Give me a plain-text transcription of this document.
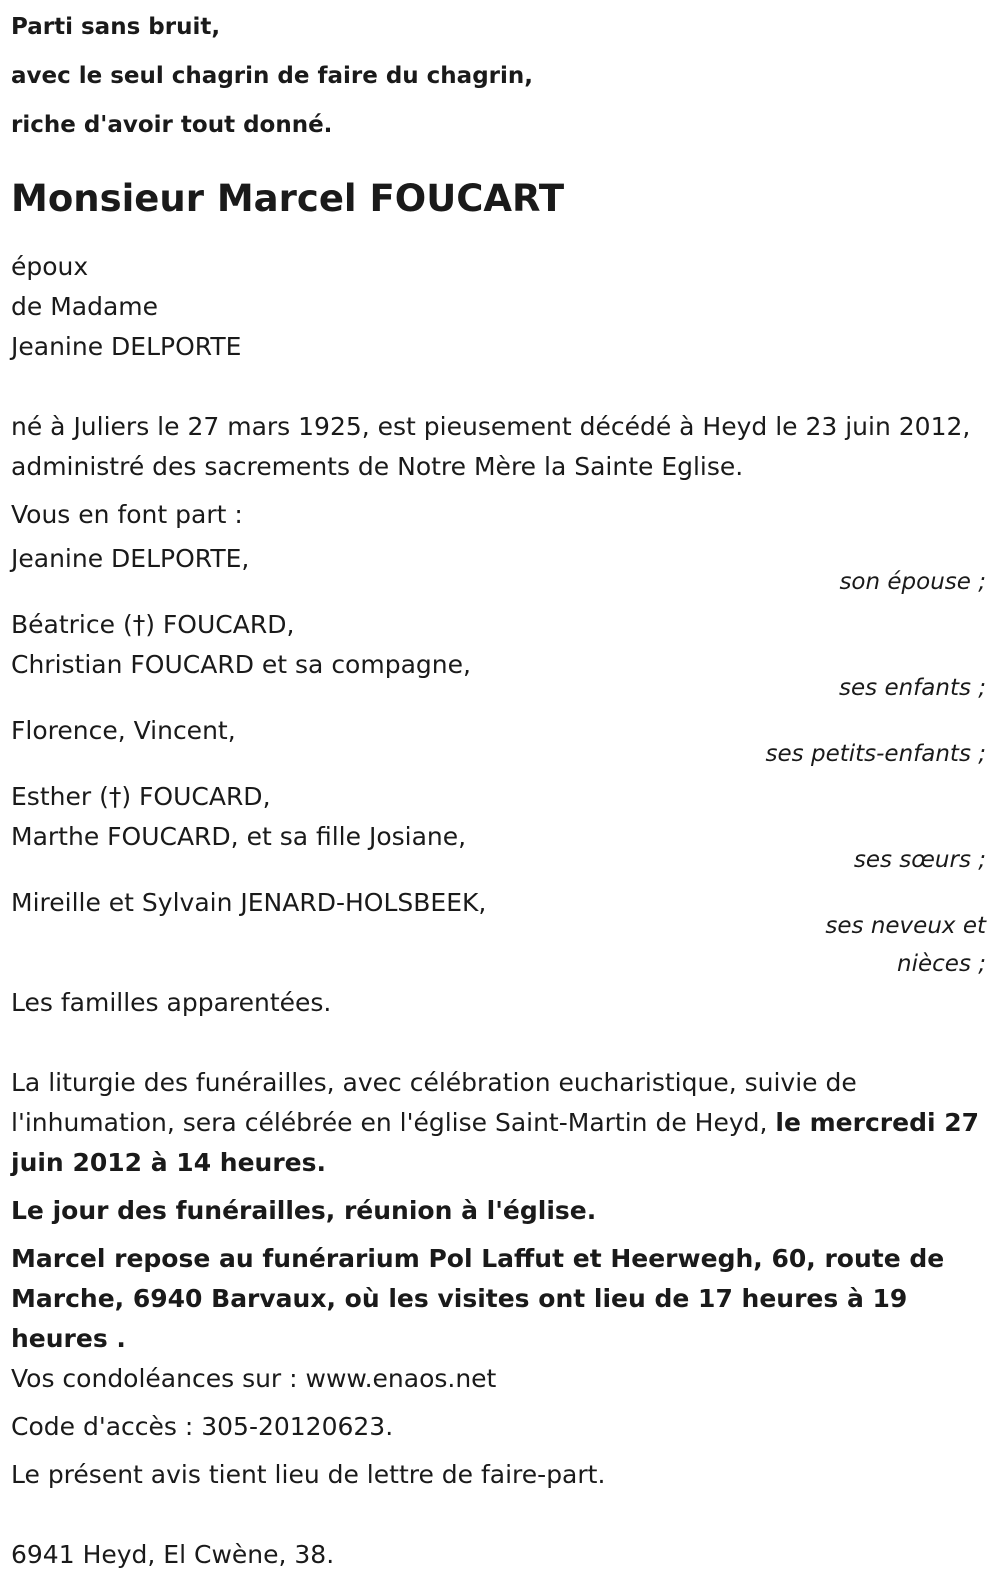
Parti sans bruit,
avec le seul chagrin de faire du chagrin,
riche d'avoir tout donné.
Monsieur Marcel FOUCART
époux
de Madame
Jeanine DELPORTE
né à Juliers le 27 mars 1925, est pieusement décédé à Heyd le 23 juin 2012, administré des sacrements de Notre Mère la Sainte Eglise.
Vous en font part :
Jeanine DELPORTE,
son épouse ;
Béatrice (†) FOUCARD,
Christian FOUCARD et sa compagne,
ses enfants ;
Florence, Vincent,
ses petits-enfants ;
Esther (†) FOUCARD,
Marthe FOUCARD, et sa fille Josiane,
ses sœurs ;
Mireille et Sylvain JENARD-HOLSBEEK,
ses neveux et nièces ;
Les familles apparentées.
La liturgie des funérailles, avec célébration eucharistique, suivie de l'inhumation, sera célébrée en l'église Saint-Martin de Heyd, le mercredi 27 juin 2012 à 14 heures.
Le jour des funérailles, réunion à l'église.
Marcel repose au funérarium Pol Laffut et Heerwegh, 60, route de Marche, 6940 Barvaux, où les visites ont lieu de 17 heures à 19 heures .
Vos condoléances sur : www.enaos.net
Code d'accès : 305-20120623.
Le présent avis tient lieu de lettre de faire-part.
6941 Heyd, El Cwène, 38.
